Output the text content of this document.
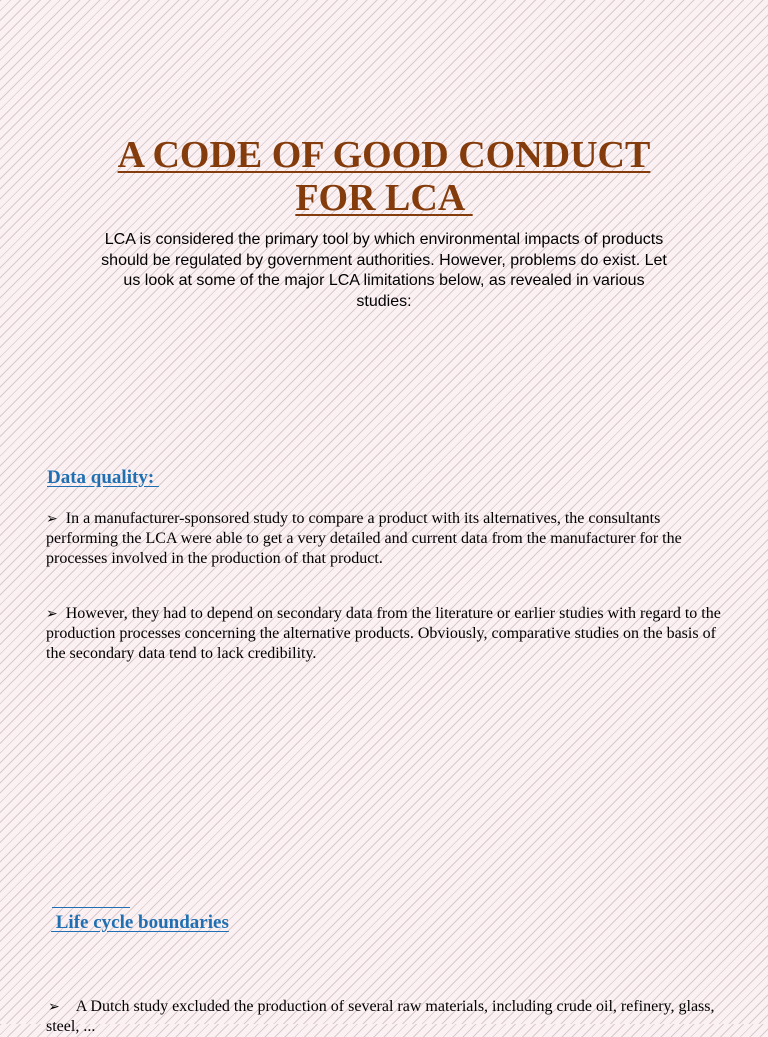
A CODE OF GOOD CONDUCT
FOR LCA
LCA is considered the primary tool by which environmental impacts of products should be regulated by government authorities. However, problems do exist. Let us look at some of the major LCA limitations below, as revealed in various studies:
Data quality:
➢ In a manufacturer-sponsored study to compare a product with its alternatives, the consultants performing the LCA were able to get a very detailed and current data from the manufacturer for the processes involved in the production of that product.
➢ However, they had to depend on secondary data from the literature or earlier studies with regard to the production processes concerning the alternative products. Obviously, comparative studies on the basis of the secondary data tend to lack credibility.
Life cycle boundaries
➢ A Dutch study excluded the production of several raw materials, including crude oil, refinery, glass, steel, ...
